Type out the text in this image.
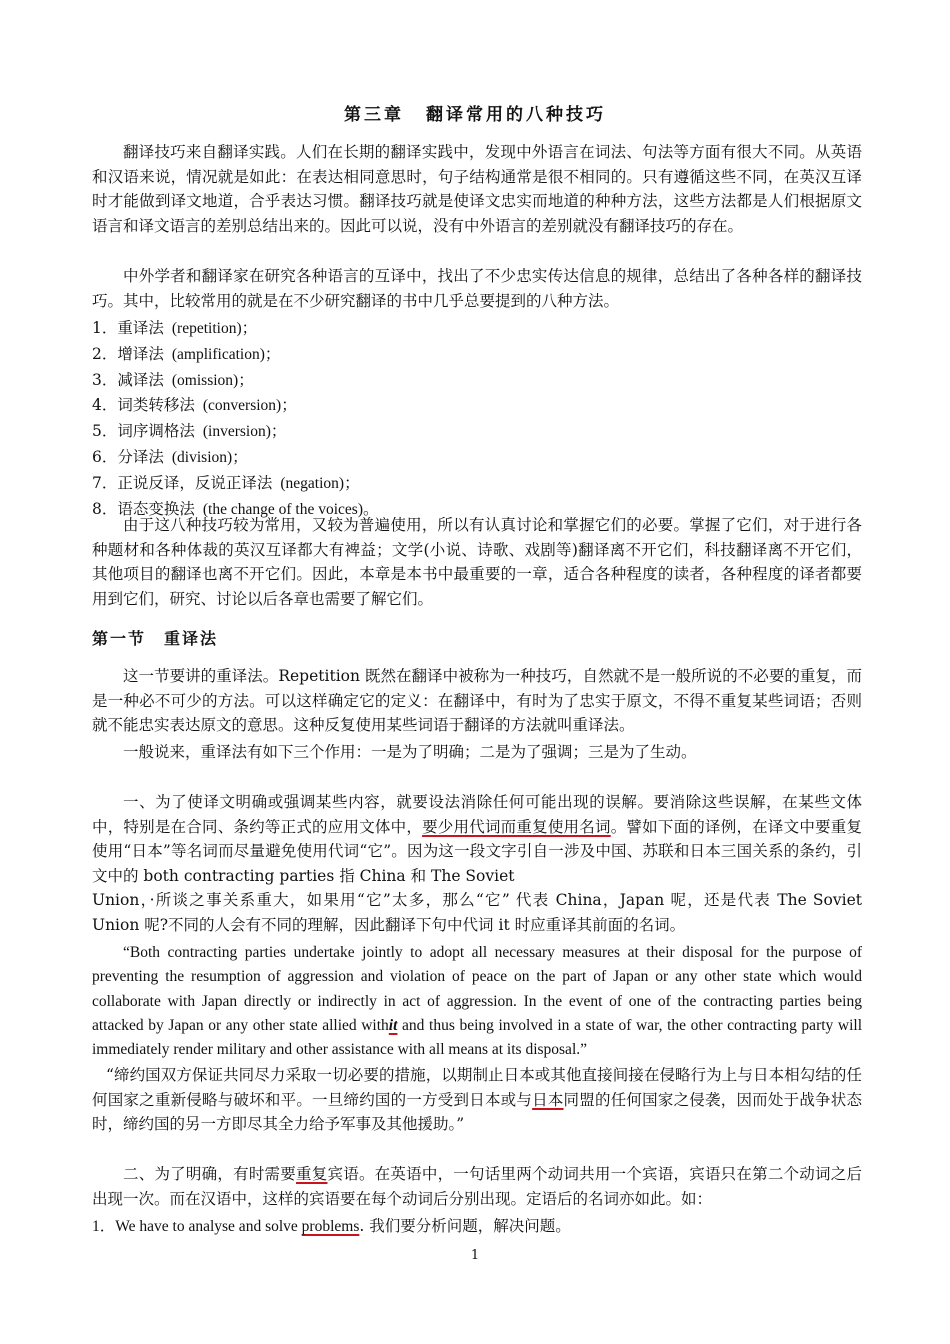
第三章 翻译常用的八种技巧
翻译技巧来自翻译实践。人们在长期的翻译实践中，发现中外语言在词法、句法等方面有很大不同。从英语和汉语来说，情况就是如此：在表达相同意思时，句子结构通常是很不相同的。只有遵循这些不同，在英汉互译时才能做到译文地道，合乎表达习惯。翻译技巧就是使译文忠实而地道的种种方法，这些方法都是人们根据原文语言和译文语言的差别总结出来的。因此可以说，没有中外语言的差别就没有翻译技巧的存在。
中外学者和翻译家在研究各种语言的互译中，找出了不少忠实传达信息的规律，总结出了各种各样的翻译技巧。其中，比较常用的就是在不少研究翻译的书中几乎总要提到的八种方法。
1．重译法 (repetition)；
2．增译法 (amplification)；
3．减译法 (omission)；
4．词类转移法 (conversion)；
5．词序调格法 (inversion)；
6．分译法 (division)；
7．正说反译，反说正译法 (negation)；
8．语态变换法 (the change of the voices)。
由于这八种技巧较为常用，又较为普遍使用，所以有认真讨论和掌握它们的必要。掌握了它们，对于进行各种题材和各种体裁的英汉互译都大有裨益；文学(小说、诗歌、戏剧等)翻译离不开它们，科技翻译离不开它们，其他项目的翻译也离不开它们。因此，本章是本书中最重要的一章，适合各种程度的读者，各种程度的译者都要用到它们，研究、讨论以后各章也需要了解它们。
第一节 重译法
这一节要讲的重译法。Repetition 既然在翻译中被称为一种技巧，自然就不是一般所说的不必要的重复，而是一种必不可少的方法。可以这样确定它的定义：在翻译中，有时为了忠实于原文，不得不重复某些词语；否则就不能忠实表达原文的意思。这种反复使用某些词语于翻译的方法就叫重译法。
一般说来，重译法有如下三个作用：一是为了明确；二是为了强调；三是为了生动。
一、为了使译文明确或强调某些内容，就要设法消除任何可能出现的误解。要消除这些误解，在某些文体中，特别是在合同、条约等正式的应用文体中，要少用代词而重复使用名词。譬如下面的译例，在译文中要重复使用“日本”等名词而尽量避免使用代词“它”。因为这一段文字引自一涉及中国、苏联和日本三国关系的条约，引文中的 both contracting parties 指 China 和 The Soviet
Union，·所谈之事关系重大，如果用“它”太多，那么“它” 代表 China，Japan 呢，还是代表 The Soviet Union 呢?不同的人会有不同的理解，因此翻译下句中代词 it 时应重译其前面的名词。
“Both contracting parties undertake jointly to adopt all necessary measures at their disposal for the purpose of preventing the resumption of aggression and violation of peace on the part of Japan or any other state which would collaborate with Japan directly or indirectly in act of aggression. In the event of one of the contracting parties being attacked by Japan or any other state allied withit and thus being involved in a state of war, the other contracting party will immediately render military and other assistance with all means at its disposal.”
“缔约国双方保证共同尽力采取一切必要的措施，以期制止日本或其他直接间接在侵略行为上与日本相勾结的任何国家之重新侵略与破坏和平。一旦缔约国的一方受到日本或与日本同盟的任何国家之侵袭，因而处于战争状态时，缔约国的另一方即尽其全力给予军事及其他援助。”
二、为了明确，有时需要重复宾语。在英语中，一句话里两个动词共用一个宾语，宾语只在第二个动词之后出现一次。而在汉语中，这样的宾语要在每个动词后分别出现。定语后的名词亦如此。如：
1．We have to analyse and solve problems. 我们要分析问题，解决问题。
1
